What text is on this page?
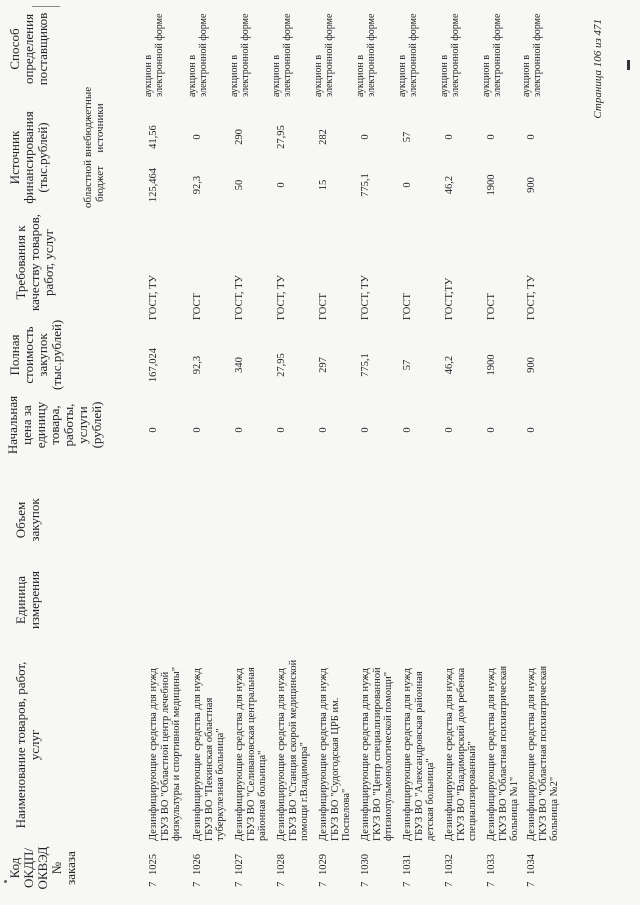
Код ОКДП/ ОКВЭД № заказа
Наименование товаров, работ, услуг
Единица измерения
Объем закупок
Начальная цена за единицу товара, работы, услуги (рублей)
Полная стоимость закупок (тыс.рублей)
Требования к качеству товаров, работ, услуг
Источник финансирования (тыс.рублей)	областной бюджет
внебюджетные источники
Способ определения поставщиков
7
1025
Дезинфицирующие средства для нужд ГБУЗ ВО "Областной центр лечебной физкультуры и спортивной медицины"
0
167,024
ГОСТ, ТУ
125,464
41,56
аукцион в электронной форме
7
1026
Дезинфицирующие средства для нужд ГБУЗ ВО "Пекинская областная туберкулезная больница"
0
92,3
ГОСТ
92,3
0
аукцион в электронной форме
7
1027
Дезинфицирующие средства для нужд ГБУЗ ВО "Селивановская центральная районная больница"
0
340
ГОСТ, ТУ
50
290
аукцион в электронной форме
7
1028
Дезинфицирующие средства для нужд ГБУЗ ВО "Станция скорой медицинской помощи г.Владимира"
0
27,95
ГОСТ, ТУ
0
27,95
аукцион в электронной форме
7
1029
Дезинфицирующие средства для нужд ГБУЗ ВО "Судогодская ЦРБ им. Поспелова"
0
297
ГОСТ
15
282
аукцион в электронной форме
7
1030
Дезинфицирующие средства для нужд ГКУЗ ВО "Центр специализированной фтизиопульмонологической помощи"
0
775,1
ГОСТ, ТУ
775,1
0
аукцион в электронной форме
7
1031
Дезинфицирующие средства для нужд ГБУЗ ВО "Александровская районная детская больница"
0
57
ГОСТ
0
57
аукцион в электронной форме
7
1032
Дезинфицирующие средства для нужд ГКУЗ ВО "Владимирский дом ребенка специализированный"
0
46,2
ГОСТ,ТУ
46,2
0
аукцион в электронной форме
7
1033
Дезинфицирующие средства для нужд ГКУЗ ВО "Областная психиатрическая больница №1"
0
1900
ГОСТ
1900
0
аукцион в электронной форме
7
1034
Дезинфицирующие средства для нужд ГКУЗ ВО "Областная психиатрическая больница №2"
0
900
ГОСТ, ТУ
900
0
аукцион в электронной форме	Страница 106 из 471
